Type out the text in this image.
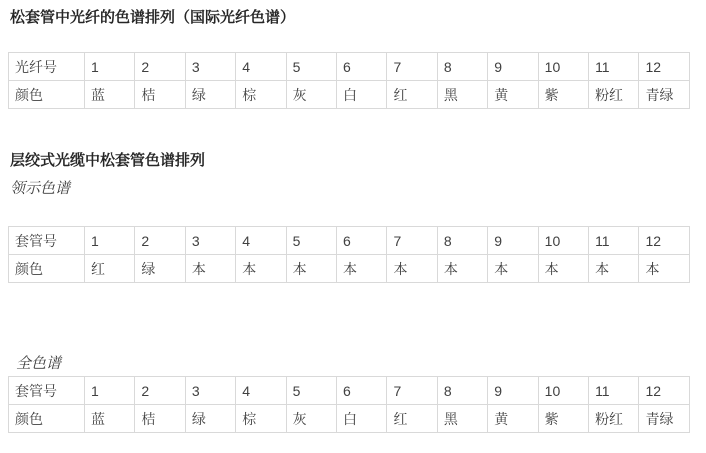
松套管中光纤的色谱排列（国际光纤色谱）
光纤号	1	2	3	4	5	6	7	8	9	10	11	12
颜色	蓝	桔	绿	棕	灰	白	红	黑	黄	紫	粉红	青绿
层绞式光缆中松套管色谱排列

领示色谱

套管号	1	2	3	4	5	6	7	8	9	10	11	12
颜色	红	绿	本	本	本	本	本	本	本	本	本	本

全色谱

套管号	1	2	3	4	5	6	7	8	9	10	11	12
颜色	蓝	桔	绿	棕	灰	白	红	黑	黄	紫	粉红	青绿
